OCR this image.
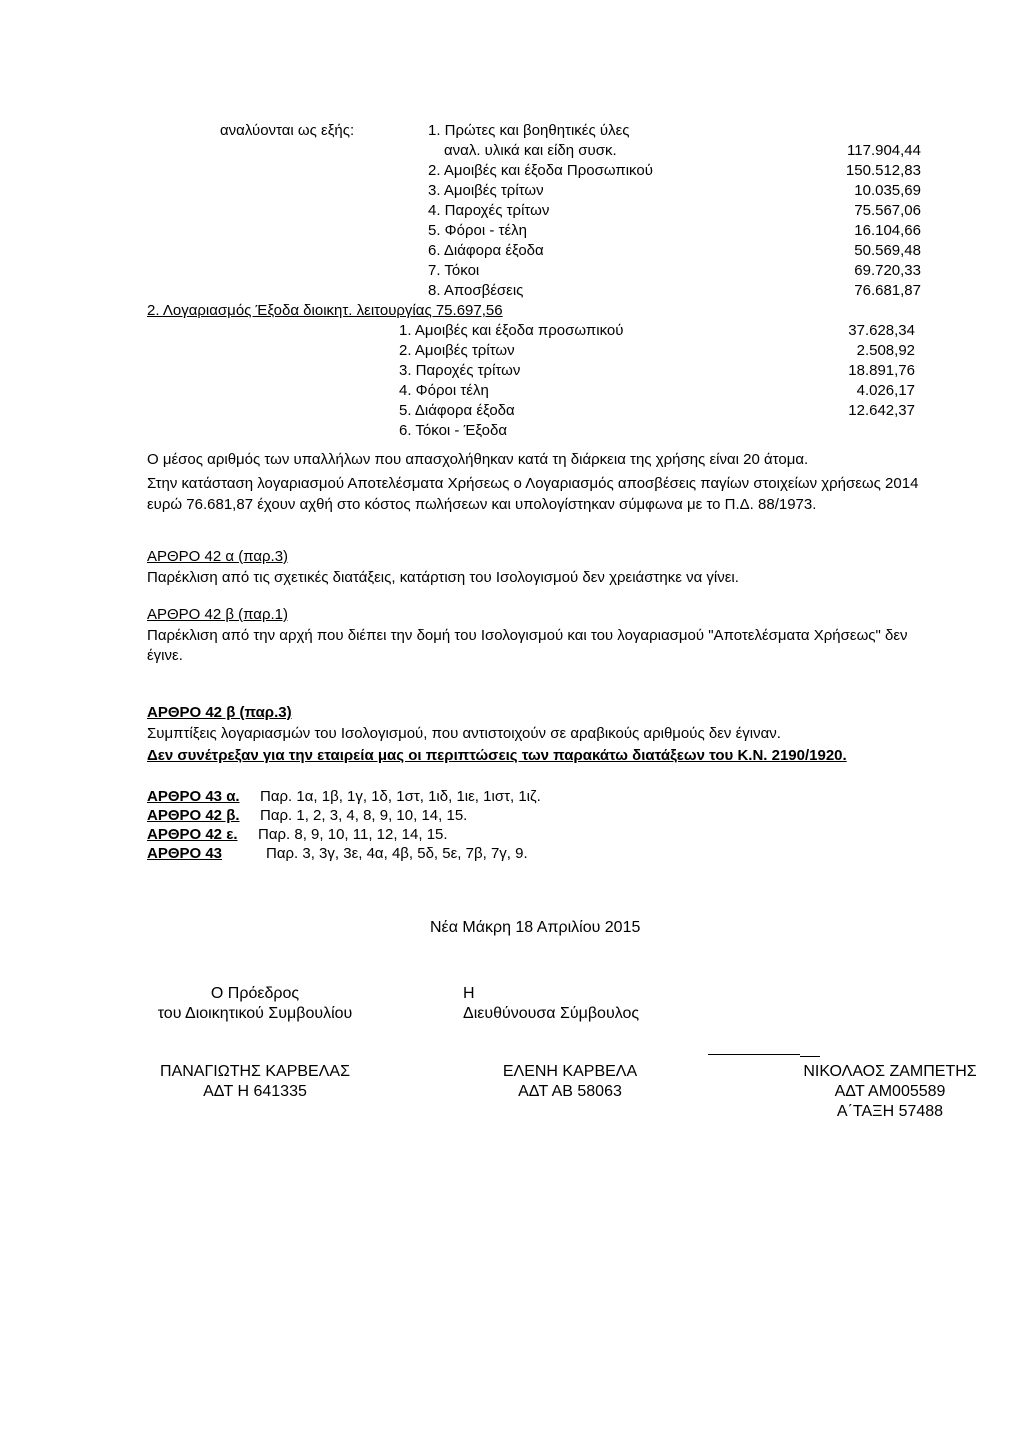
αναλύονται ως εξής:	1. Πρώτες και βοηθητικές ύλες
αναλ. υλικά και είδη συσκ.	117.904,44
2. Αμοιβές και έξοδα Προσωπικού	150.512,83
3. Αμοιβές τρίτων	10.035,69
4. Παροχές τρίτων	75.567,06
5. Φόροι - τέλη	16.104,66
6. Διάφορα έξοδα	50.569,48
7. Τόκοι	69.720,33
8. Αποσβέσεις	76.681,87
2. Λογαριασμός Έξοδα διοικητ. λειτουργίας 75.697,56
1. Αμοιβές και έξοδα προσωπικού	37.628,34
2. Αμοιβές τρίτων	2.508,92
3. Παροχές τρίτων	18.891,76
4. Φόροι τέλη	4.026,17
5. Διάφορα έξοδα	12.642,37
6. Τόκοι - Έξοδα
Ο μέσος αριθμός των υπαλλήλων που απασχολήθηκαν κατά τη διάρκεια της χρήσης είναι 20 άτομα.
Στην κατάσταση λογαριασμού Αποτελέσματα Χρήσεως ο Λογαριασμός αποσβέσεις παγίων στοιχείων χρήσεως 2014 ευρώ 76.681,87 έχουν αχθή στο κόστος πωλήσεων και υπολογίστηκαν σύμφωνα με το Π.Δ. 88/1973.
ΑΡΘΡΟ 42 α (παρ.3)
Παρέκλιση από τις σχετικές διατάξεις, κατάρτιση του Ισολογισμού δεν χρειάστηκε να γίνει.
ΑΡΘΡΟ 42 β (παρ.1)
Παρέκλιση από την αρχή που διέπει την δομή του Ισολογισμού και του λογαριασμού "Αποτελέσματα Χρήσεως" δεν έγινε.
ΑΡΘΡΟ 42 β (παρ.3)
Συμπτίξεις λογαριασμών του Ισολογισμού, που αντιστοιχούν σε αραβικούς αριθμούς δεν έγιναν.
Δεν συνέτρεξαν για την εταιρεία μας οι περιπτώσεις των παρακάτω διατάξεων του Κ.Ν. 2190/1920.
ΑΡΘΡΟ 43 α. Παρ. 1α, 1β, 1γ, 1δ, 1στ, 1ιδ, 1ιε, 1ιστ, 1ιζ.
ΑΡΘΡΟ 42 β. Παρ. 1, 2, 3, 4, 8, 9, 10, 14, 15.
ΑΡΘΡΟ 42 ε. Παρ. 8, 9, 10, 11, 12, 14, 15.
ΑΡΘΡΟ 43	Παρ. 3, 3γ, 3ε, 4α, 4β, 5δ, 5ε, 7β, 7γ, 9.
Νέα Μάκρη 18 Απριλίου 2015
Ο Πρόεδρος
του Διοικητικού Συμβουλίου
ΠΑΝΑΓΙΩΤΗΣ ΚΑΡΒΕΛΑΣ
ΑΔΤ Η 641335
Η
Διευθύνουσα Σύμβουλος
ΕΛΕΝΗ ΚΑΡΒΕΛΑ
ΑΔΤ ΑΒ 58063
ΝΙΚΟΛΑΟΣ ΖΑΜΠΕΤΗΣ
ΑΔΤ ΑΜ005589
Α΄ΤΑΞΗ 57488
